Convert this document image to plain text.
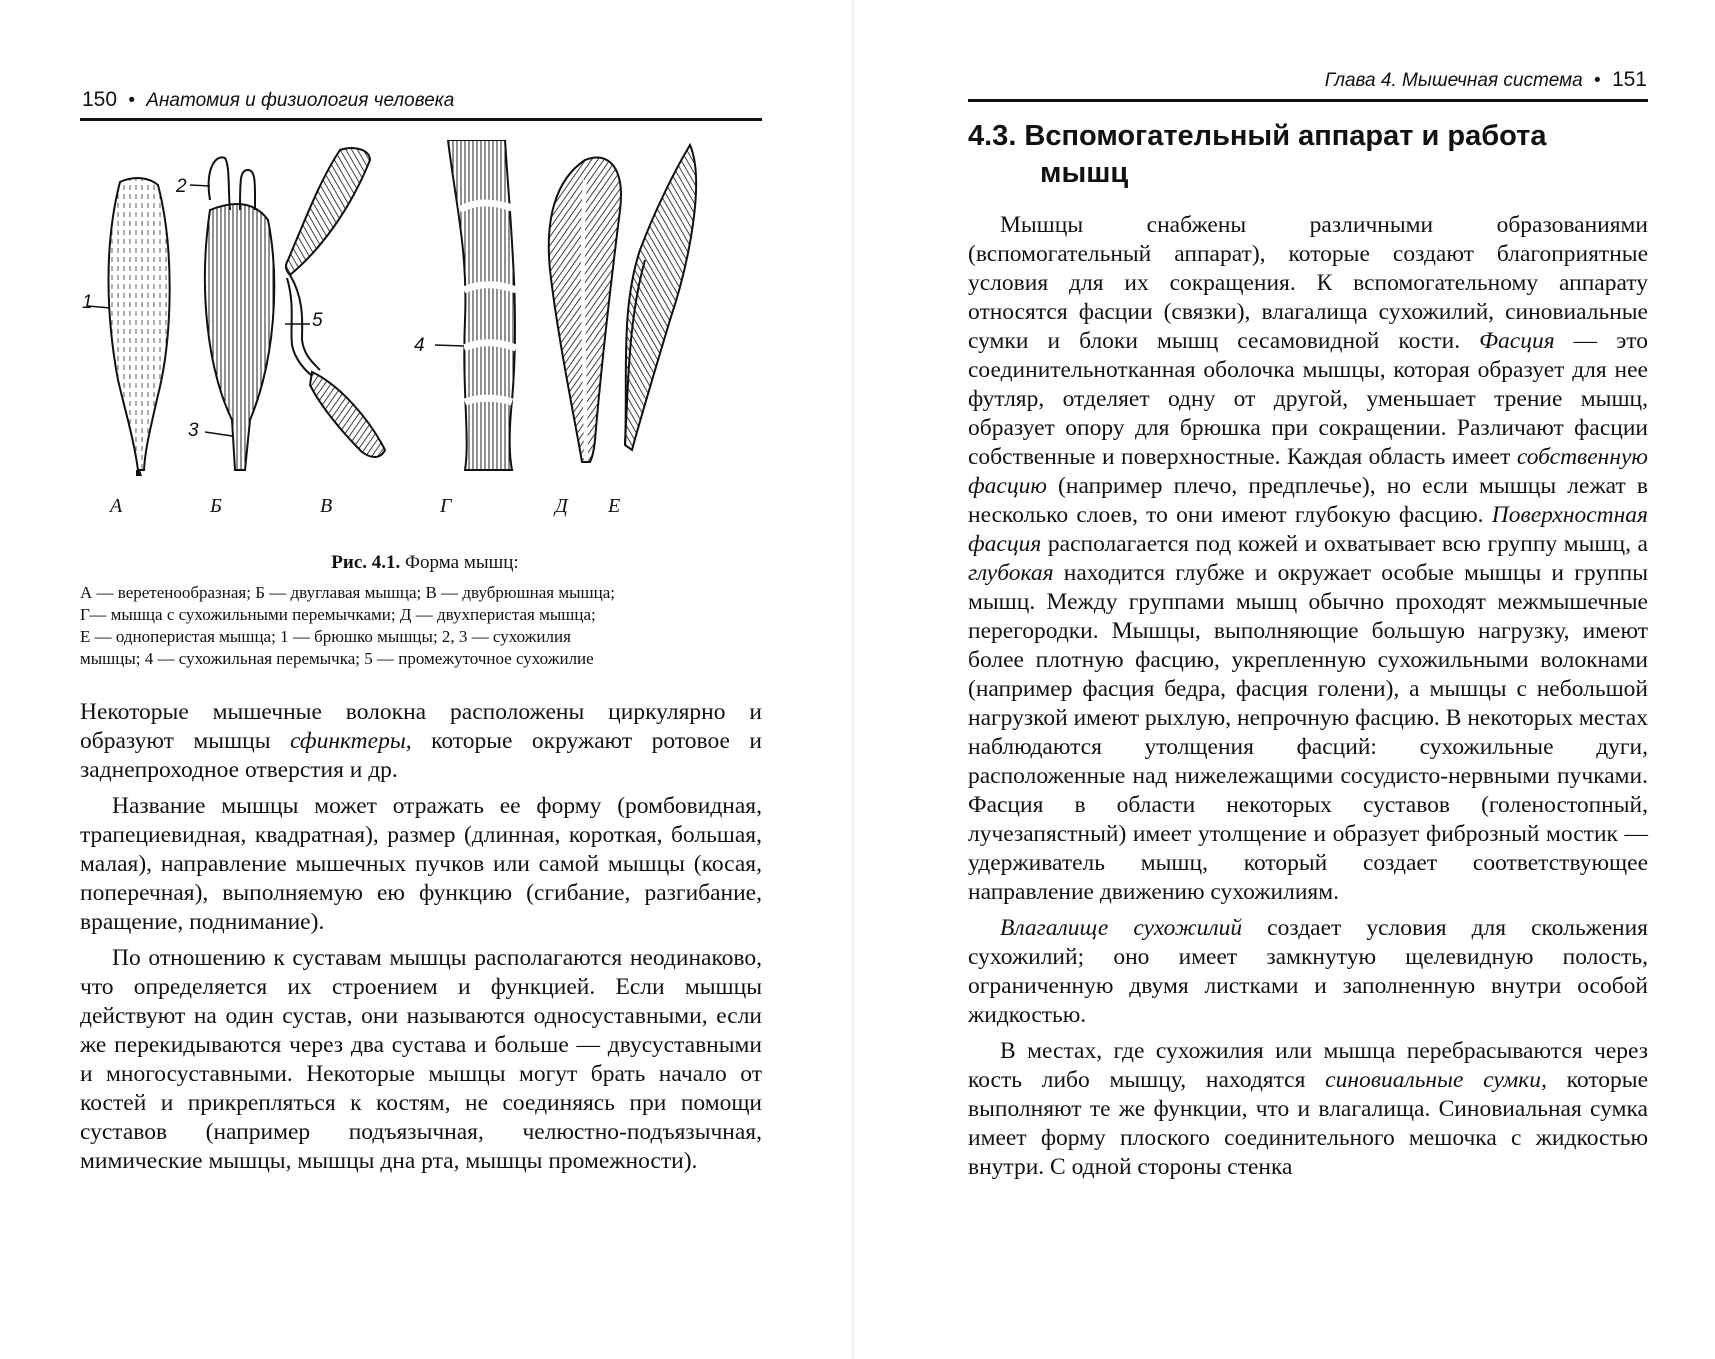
150 • Анатомия и физиология человека
1
2
3
4
5
А	Б	В	Г	Д Е
Рис. 4.1. Форма мышц:
А — веретенообразная; Б — двуглавая мышца; В — двубрюшная мышца;
Г— мышца с сухожильными перемычками; Д — двухперистая мышца;
Е — одноперистая мышца; 1 — брюшко мышцы; 2, 3 — сухожилия
мышцы; 4 — сухожильная перемычка; 5 — промежуточное сухожилие

Некоторые мышечные волокна расположены циркулярно и образуют мышцы сфинктеры, которые окружают ротовое и заднепроходное отверстия и др.

Название мышцы может отражать ее форму (ромбовидная, трапециевидная, квадратная), размер (длинная, короткая, большая, малая), направление мышечных пучков или самой мышцы (косая, поперечная), выполняемую ею функцию (сгибание, разгибание, вращение, поднимание).

По отношению к суставам мышцы располагаются неодинаково, что определяется их строением и функцией. Если мышцы действуют на один сустав, они называются односуставными, если же перекидываются через два сустава и больше — двусуставными и многосуставными. Некоторые мышцы могут брать начало от костей и прикрепляться к костям, не соединяясь при помощи суставов (например подъязычная, челюстно-подъязычная, мимические мышцы, мышцы дна рта, мышцы промежности).

Глава 4. Мышечная система • 151
4.3. Вспомогательный аппарат и работа
мышц

Мышцы снабжены различными образованиями (вспомогательный аппарат), которые создают благоприятные условия для их сокращения. К вспомогательному аппарату относятся фасции (связки), влагалища сухожилий, синовиальные сумки и блоки мышц сесамовидной кости. Фасция — это соединительнотканная оболочка мышцы, которая образует для нее футляр, отделяет одну от другой, уменьшает трение мышц, образует опору для брюшка при сокращении. Различают фасции собственные и поверхностные. Каждая область имеет собственную фасцию (например плечо, предплечье), но если мышцы лежат в несколько слоев, то они имеют глубокую фасцию. Поверхностная фасция располагается под кожей и охватывает всю группу мышц, а глубокая находится глубже и окружает особые мышцы и группы мышц. Между группами мышц обычно проходят межмышечные перегородки. Мышцы, выполняющие большую нагрузку, имеют более плотную фасцию, укрепленную сухожильными волокнами (например фасция бедра, фасция голени), а мышцы с небольшой нагрузкой имеют рыхлую, непрочную фасцию. В некоторых местах наблюдаются утолщения фасций: сухожильные дуги, расположенные над нижележащими сосудисто-нервными пучками. Фасция в области некоторых суставов (голеностопный, лучезапястный) имеет утолщение и образует фиброзный мостик — удерживатель мышц, который создает соответствующее направление движению сухожилиям.

Влагалище сухожилий создает условия для скольжения сухожилий; оно имеет замкнутую щелевидную полость, ограниченную двумя листками и заполненную внутри особой жидкостью.

В местах, где сухожилия или мышца перебрасываются через кость либо мышцу, находятся синовиальные сумки, которые выполняют те же функции, что и влагалища. Синовиальная сумка имеет форму плоского соединительного мешочка с жидкостью внутри. С одной стороны стенка
